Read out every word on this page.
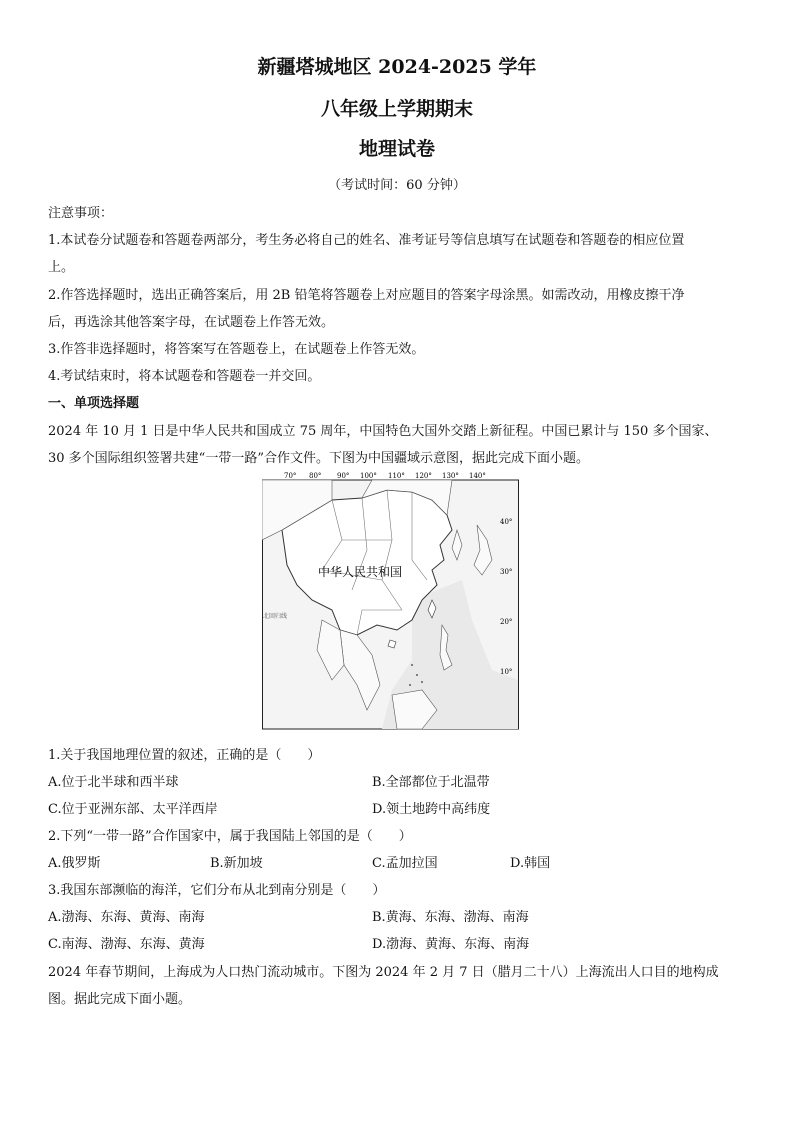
新疆塔城地区 2024-2025 学年
八年级上学期期末
地理试卷
（考试时间：60 分钟）
注意事项：
1.本试卷分试题卷和答题卷两部分，考生务必将自己的姓名、准考证号等信息填写在试题卷和答题卷的相应位置
上。
2.作答选择题时，选出正确答案后，用 2B 铅笔将答题卷上对应题目的答案字母涂黑。如需改动，用橡皮擦干净
后，再选涂其他答案字母，在试题卷上作答无效。
3.作答非选择题时，将答案写在答题卷上，在试题卷上作答无效。
4.考试结束时，将本试题卷和答题卷一并交回。
一、单项选择题
2024 年 10 月 1 日是中华人民共和国成立 75 周年，中国特色大国外交踏上新征程。中国已累计与 150 多个国家、
30 多个国际组织签署共建“一带一路”合作文件。下图为中国疆域示意图，据此完成下面小题。
70° 80° 90° 100° 110° 120° 130° 140°
40°
30°
20°
10°
中华人民共和国
北回归线
1.关于我国地理位置的叙述，正确的是（　　）
A.位于北半球和西半球	B.全部都位于北温带
C.位于亚洲东部、太平洋西岸	D.领土地跨中高纬度
2.下列“一带一路”合作国家中，属于我国陆上邻国的是（　　）
A.俄罗斯	B.新加坡	C.孟加拉国	D.韩国
3.我国东部濒临的海洋，它们分布从北到南分别是（　　）
A.渤海、东海、黄海、南海	B.黄海、东海、渤海、南海
C.南海、渤海、东海、黄海	D.渤海、黄海、东海、南海
2024 年春节期间，上海成为人口热门流动城市。下图为 2024 年 2 月 7 日（腊月二十八）上海流出人口目的地构成
图。据此完成下面小题。
